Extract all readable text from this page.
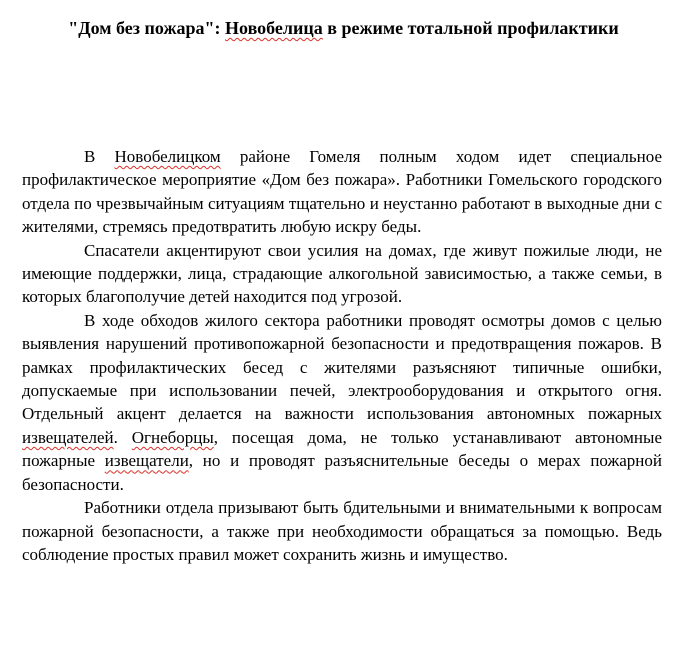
"Дом без пожара": Новобелица в режиме тотальной профилактики

В Новобелицком районе Гомеля полным ходом идет специальное профилактическое мероприятие «Дом без пожара». Работники Гомельского городского отдела по чрезвычайным ситуациям тщательно и неустанно работают в выходные дни с жителями, стремясь предотвратить любую искру беды.

Спасатели акцентируют свои усилия на домах, где живут пожилые люди, не имеющие поддержки, лица, страдающие алкогольной зависимостью, а также семьи, в которых благополучие детей находится под угрозой.

В ходе обходов жилого сектора работники проводят осмотры домов с целью выявления нарушений противопожарной безопасности и предотвращения пожаров. В рамках профилактических бесед с жителями разъясняют типичные ошибки, допускаемые при использовании печей, электрооборудования и открытого огня. Отдельный акцент делается на важности использования автономных пожарных извещателей. Огнеборцы, посещая дома, не только устанавливают автономные пожарные извещатели, но и проводят разъяснительные беседы о мерах пожарной безопасности.

Работники отдела призывают быть бдительными и внимательными к вопросам пожарной безопасности, а также при необходимости обращаться за помощью. Ведь соблюдение простых правил может сохранить жизнь и имущество.
